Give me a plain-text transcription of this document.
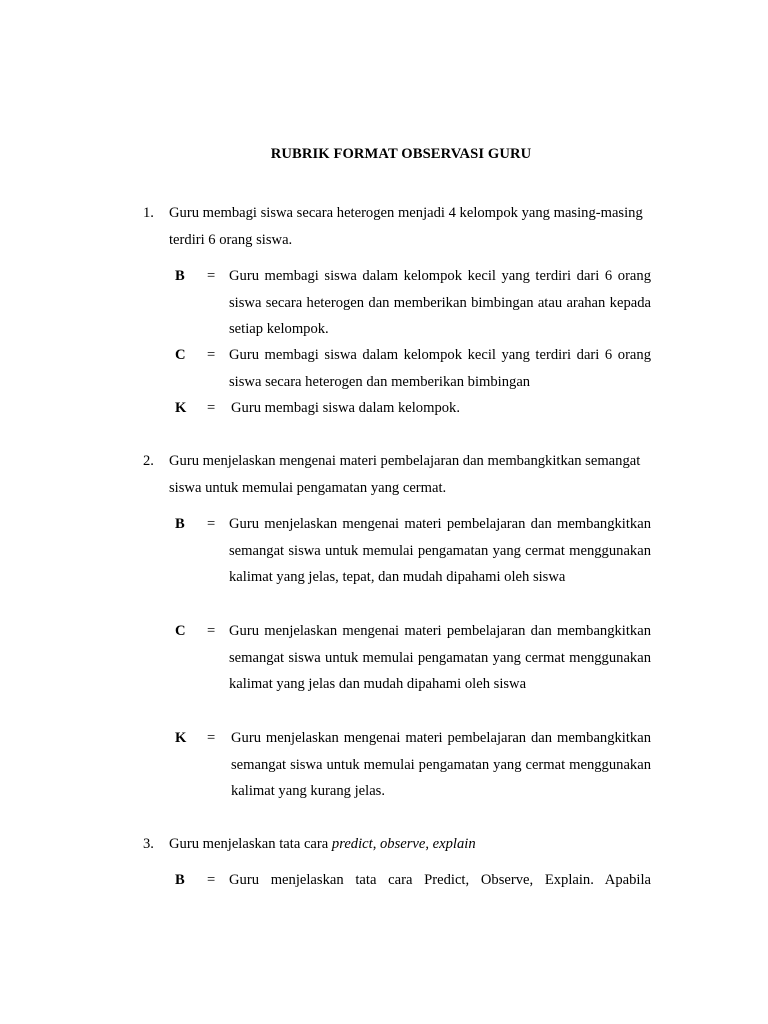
RUBRIK FORMAT OBSERVASI GURU
1. Guru membagi siswa secara heterogen menjadi 4 kelompok yang masing-masing terdiri 6 orang siswa.

B = Guru membagi siswa dalam kelompok kecil yang terdiri dari 6 orang siswa secara heterogen dan memberikan bimbingan atau arahan kepada setiap kelompok.

C = Guru membagi siswa dalam kelompok kecil yang terdiri dari 6 orang siswa secara heterogen dan memberikan bimbingan

K = Guru membagi siswa dalam kelompok.

2. Guru menjelaskan mengenai materi pembelajaran dan membangkitkan semangat siswa untuk memulai pengamatan yang cermat.

B = Guru menjelaskan mengenai materi pembelajaran dan membangkitkan semangat siswa untuk memulai pengamatan yang cermat menggunakan kalimat yang jelas, tepat, dan mudah dipahami oleh siswa

C = Guru menjelaskan mengenai materi pembelajaran dan membangkitkan semangat siswa untuk memulai pengamatan yang cermat menggunakan kalimat yang jelas dan mudah dipahami oleh siswa

K = Guru menjelaskan mengenai materi pembelajaran dan membangkitkan semangat siswa untuk memulai pengamatan yang cermat menggunakan kalimat yang kurang jelas.

3. Guru menjelaskan tata cara predict, observe, explain

B = Guru menjelaskan tata cara Predict, Observe, Explain. Apabila
